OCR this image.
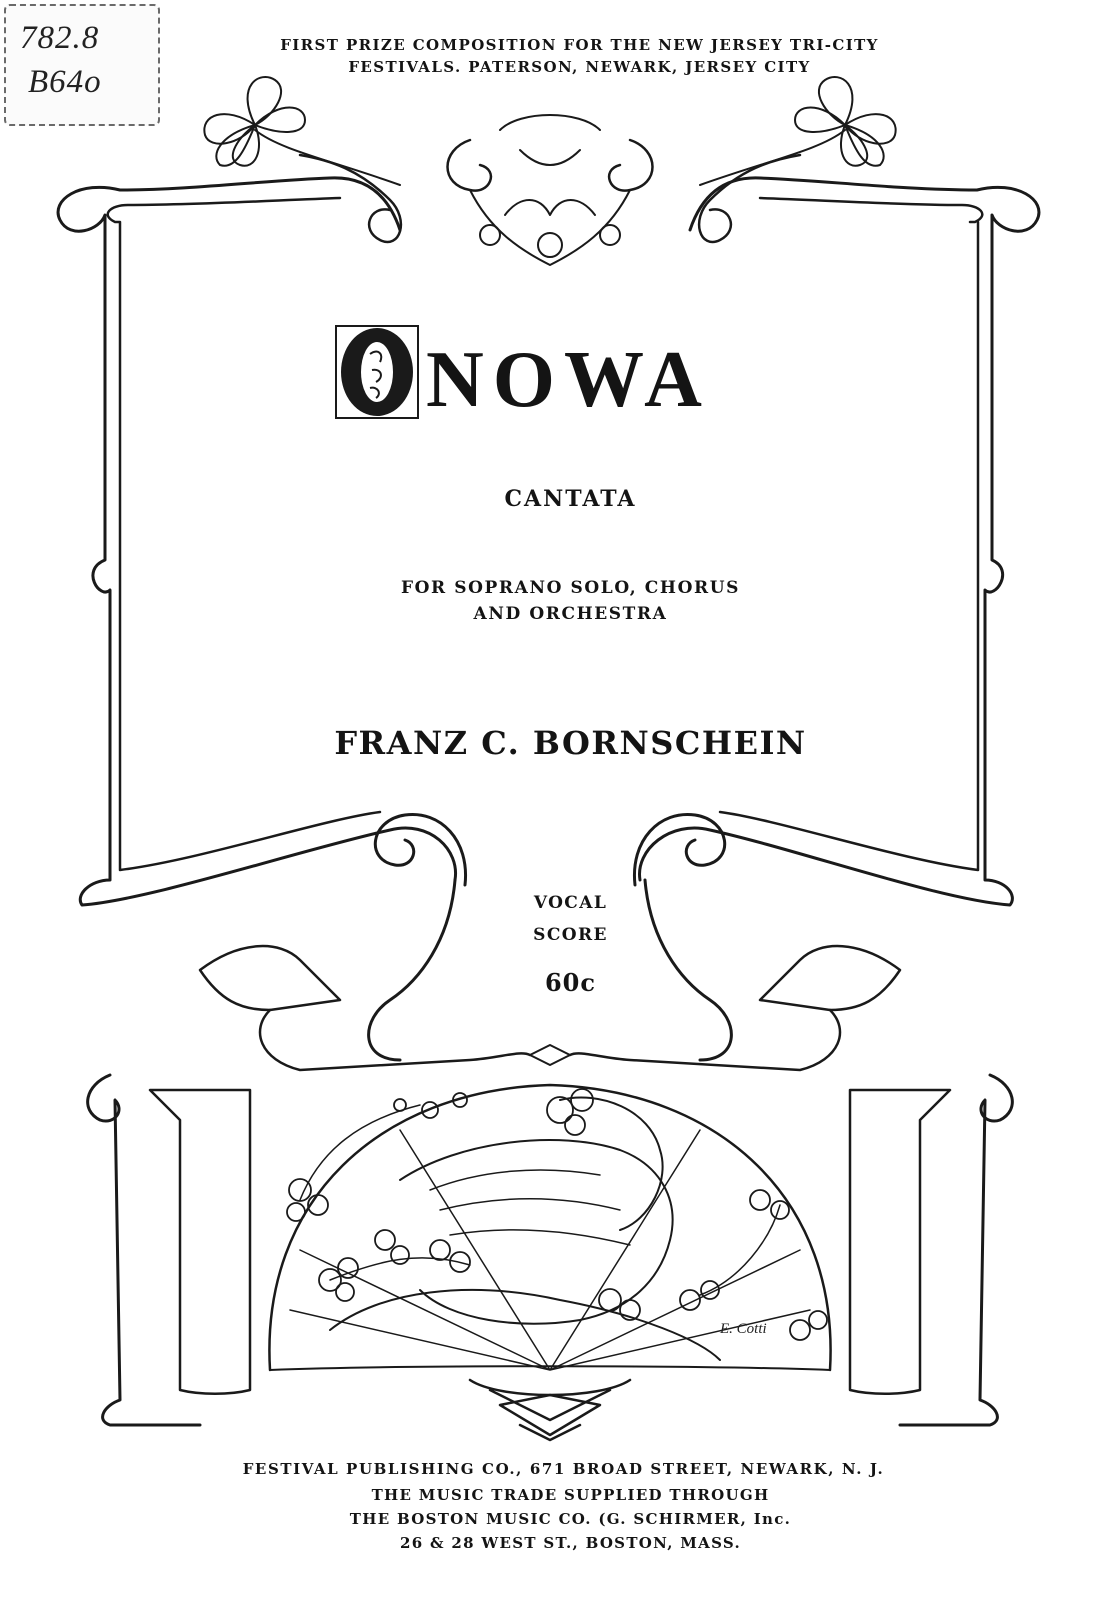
782.8
B64o
FIRST PRIZE COMPOSITION FOR THE NEW JERSEY TRI-CITY
FESTIVALS. PATERSON, NEWARK, JERSEY CITY
NOWA
CANTATA
FOR SOPRANO SOLO, CHORUS
AND ORCHESTRA
FRANZ C. BORNSCHEIN
VOCAL
SCORE
60c
E. Cotti
FESTIVAL PUBLISHING CO., 671 BROAD STREET, NEWARK, N. J.
THE MUSIC TRADE SUPPLIED THROUGH
THE BOSTON MUSIC CO. (G. SCHIRMER, Inc.
26 & 28 WEST ST., BOSTON, MASS.
